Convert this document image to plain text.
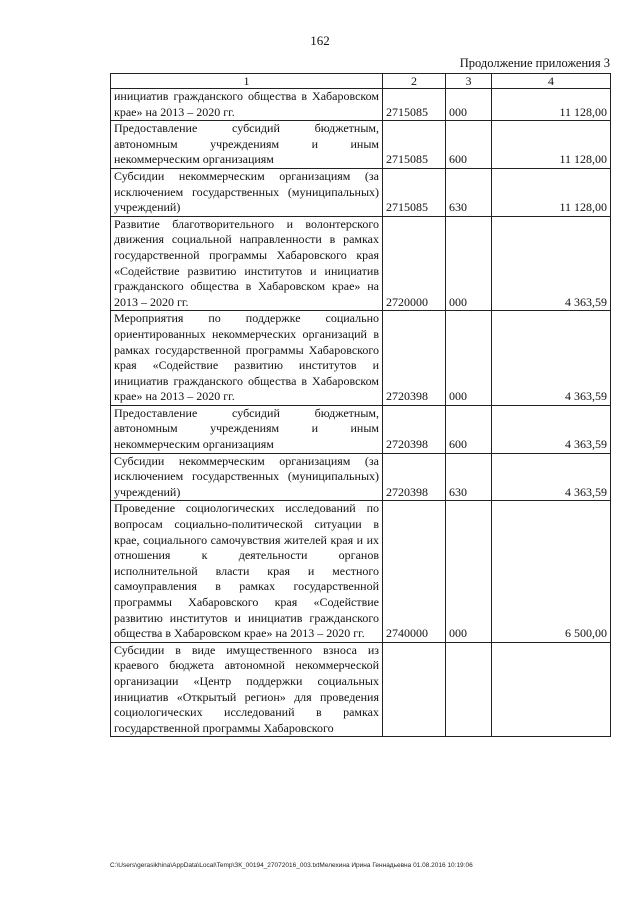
162
Продолжение приложения 3
1	2	3	4
инициатив гражданского общества в Хабаровском крае» на 2013 – 2020 гг.	2715085	000	11 128,00
Предоставление субсидий бюджетным, автономным учреждениям и иным некоммерческим организациям	2715085	600	11 128,00
Субсидии некоммерческим организациям (за исключением государственных (муниципальных) учреждений)	2715085	630	11 128,00
Развитие благотворительного и волонтерского движения социальной направленности в рамках государственной программы Хабаровского края «Содействие развитию институтов и инициатив гражданского общества в Хабаровском крае» на 2013 – 2020 гг.	2720000	000	4 363,59
Мероприятия по поддержке социально ориентированных некоммерческих организаций в рамках государственной программы Хабаровского края «Содействие развитию институтов и инициатив гражданского общества в Хабаровском крае» на 2013 – 2020 гг.	2720398	000	4 363,59
Предоставление субсидий бюджетным, автономным учреждениям и иным некоммерческим организациям	2720398	600	4 363,59
Субсидии некоммерческим организациям (за исключением государственных (муниципальных) учреждений)	2720398	630	4 363,59
Проведение социологических исследований по вопросам социально-политической ситуации в крае, социального самочувствия жителей края и их отношения к деятельности органов исполнительной власти края и местного самоуправления в рамках государственной программы Хабаровского края «Содействие развитию институтов и инициатив гражданского общества в Хабаровском крае» на 2013 – 2020 гг.	2740000	000	6 500,00
Субсидии в виде имущественного взноса из краевого бюджета автономной некоммерческой организации «Центр поддержки социальных инициатив «Открытый регион» для проведения социологических исследований в рамках государственной программы Хабаровского			
C:\Users\gerasikhina\AppData\Local\Temp\ЗК_00194_27072016_003.txtМелехина Ирина Геннадьевна 01.08.2016 10:19:06
